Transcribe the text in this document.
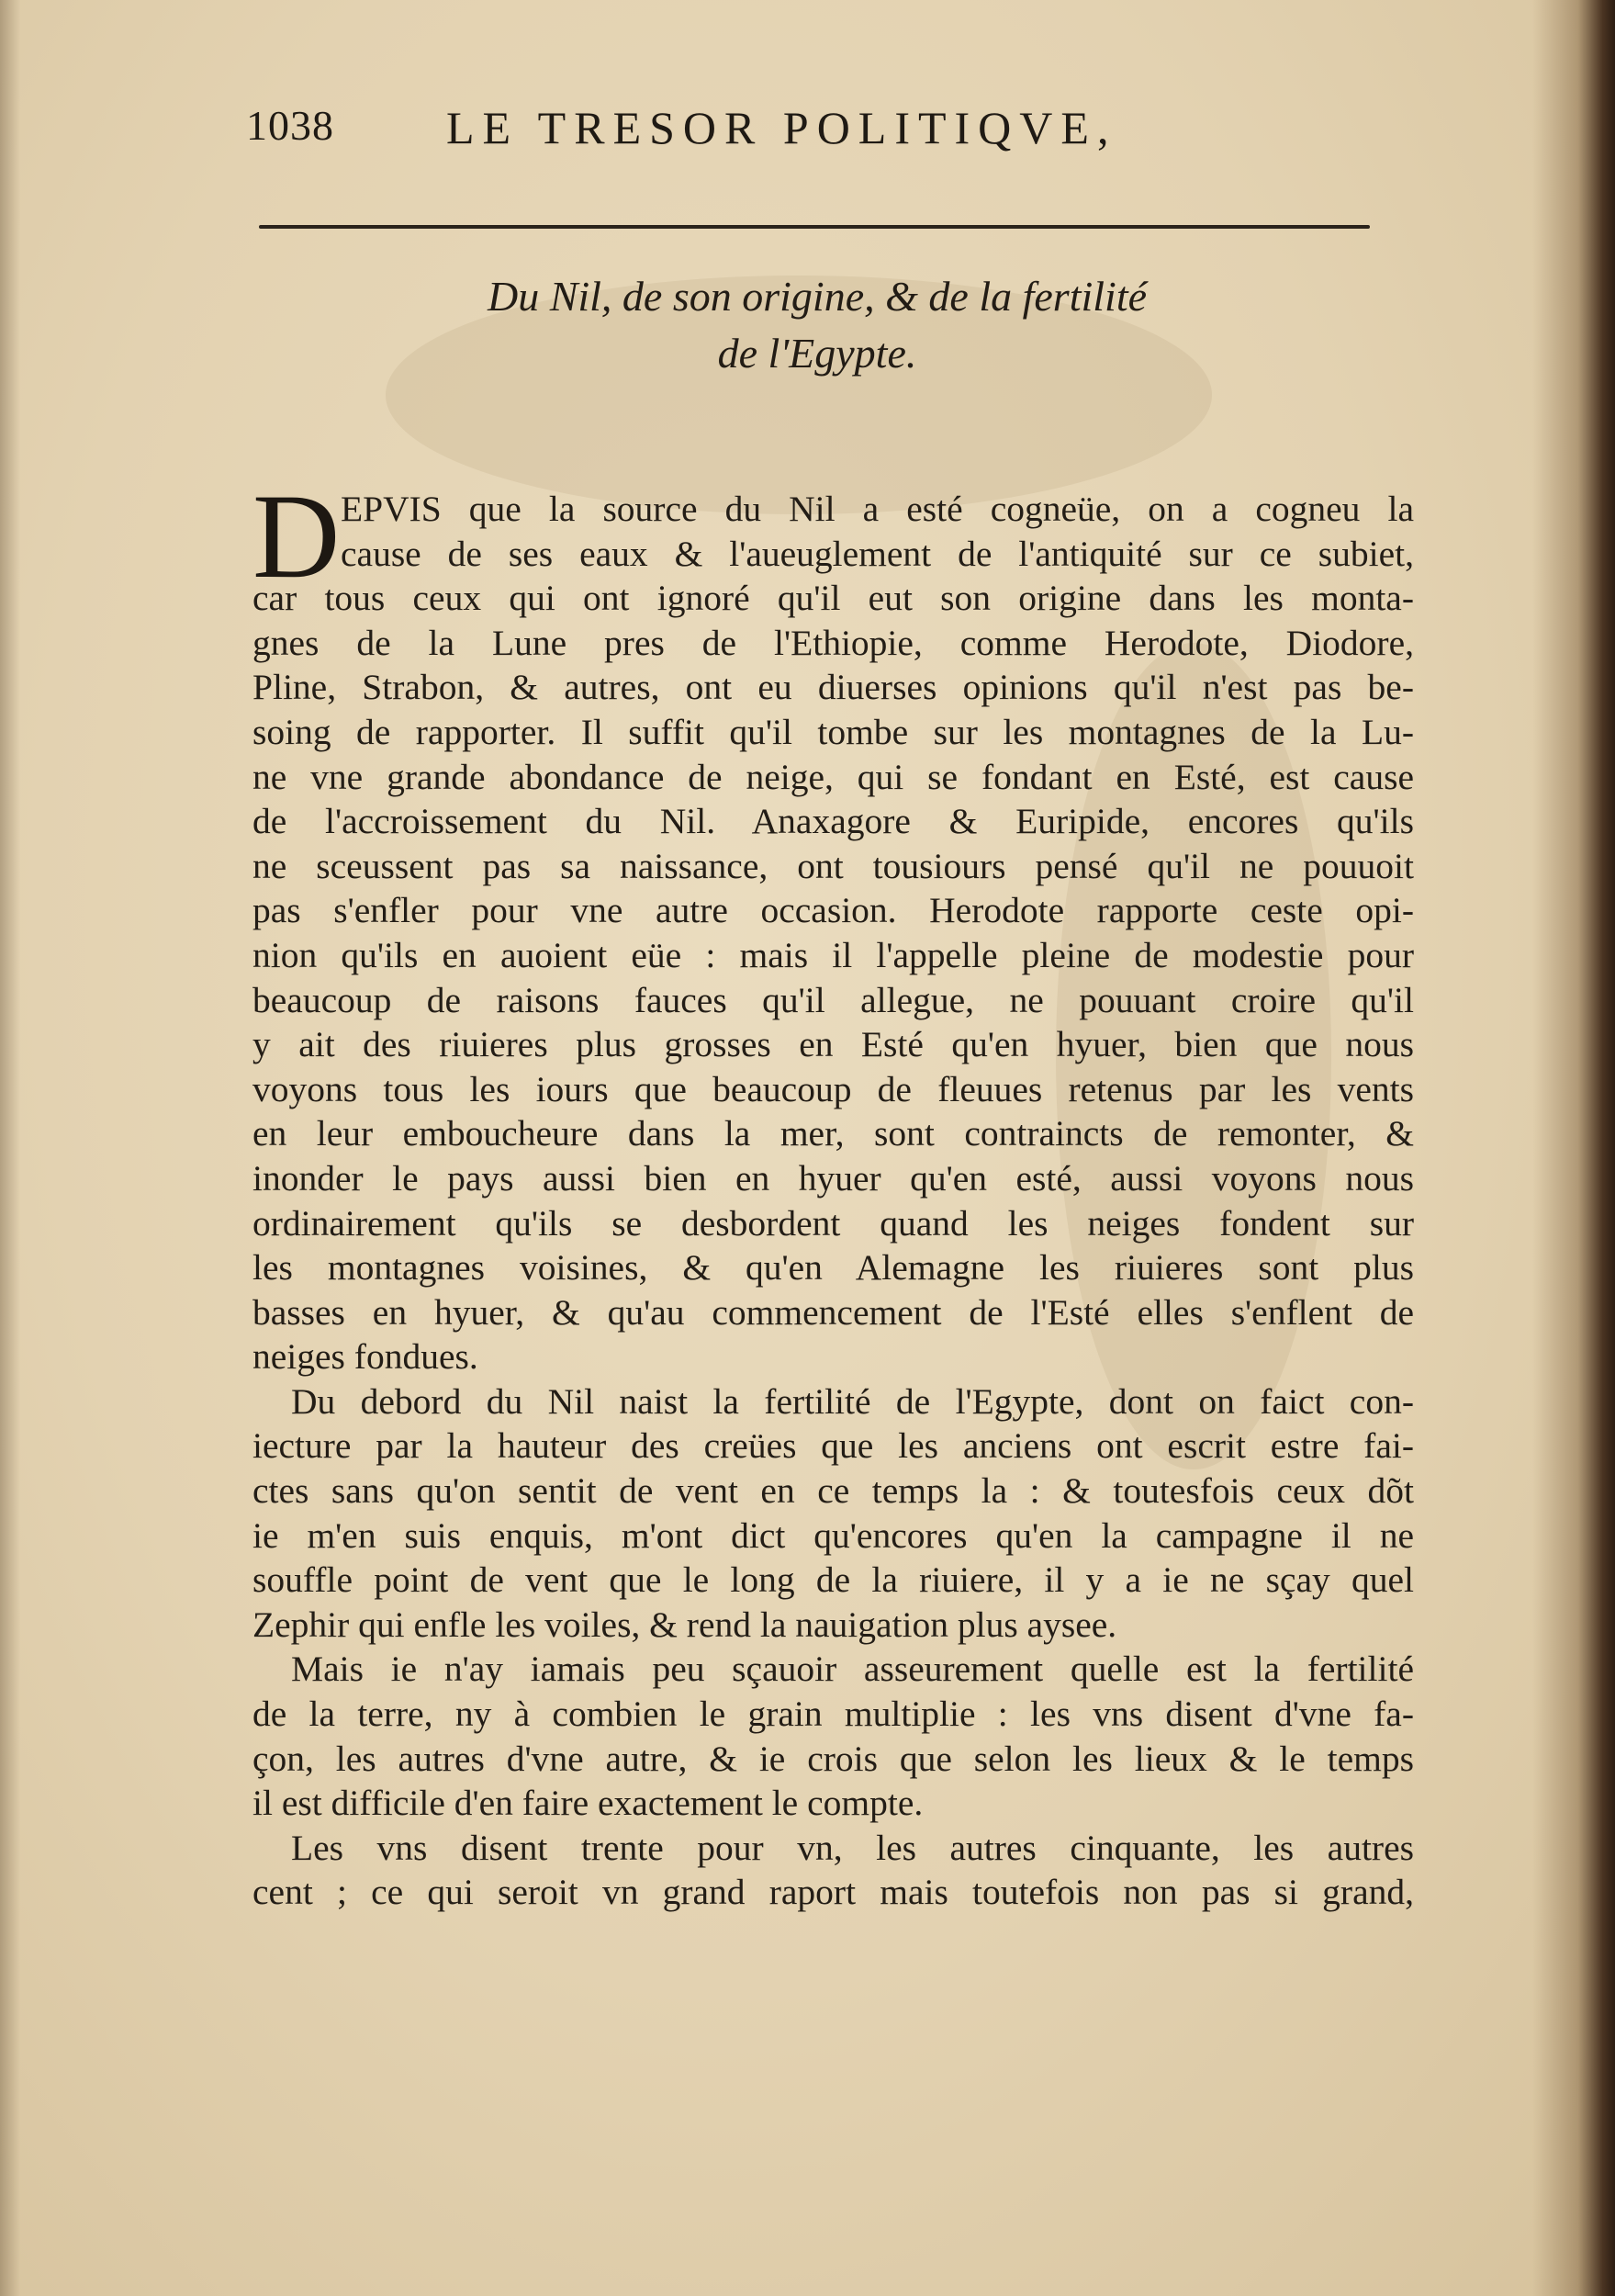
1038 LE TRESOR POLITIQVE,
Du Nil, de son origine, & de la fertilité
de l'Egypte.
D EPVIS que la source du Nil a esté cogneüe, on a cogneu la
cause de ses eaux & l'aueuglement de l'antiquité sur ce subiet,
car tous ceux qui ont ignoré qu'il eut son origine dans les monta-
gnes de la Lune pres de l'Ethiopie, comme Herodote, Diodore,
Pline, Strabon, & autres, ont eu diuerses opinions qu'il n'est pas be-
soing de rapporter. Il suffit qu'il tombe sur les montagnes de la Lu-
ne vne grande abondance de neige, qui se fondant en Esté, est cause
de l'accroissement du Nil. Anaxagore & Euripide, encores qu'ils
ne sceussent pas sa naissance, ont tousiours pensé qu'il ne pouuoit
pas s'enfler pour vne autre occasion. Herodote rapporte ceste opi-
nion qu'ils en auoient eüe : mais il l'appelle pleine de modestie pour
beaucoup de raisons fauces qu'il allegue, ne pouuant croire qu'il
y ait des riuieres plus grosses en Esté qu'en hyuer, bien que nous
voyons tous les iours que beaucoup de fleuues retenus par les vents
en leur emboucheure dans la mer, sont contraincts de remonter, &
inonder le pays aussi bien en hyuer qu'en esté, aussi voyons nous
ordinairement qu'ils se desbordent quand les neiges fondent sur
les montagnes voisines, & qu'en Alemagne les riuieres sont plus
basses en hyuer, & qu'au commencement de l'Esté elles s'enflent de
neiges fondues.
Du debord du Nil naist la fertilité de l'Egypte, dont on faict con-
iecture par la hauteur des creües que les anciens ont escrit estre fai-
ctes sans qu'on sentit de vent en ce temps la : & toutesfois ceux dõt
ie m'en suis enquis, m'ont dict qu'encores qu'en la campagne il ne
souffle point de vent que le long de la riuiere, il y a ie ne sçay quel
Zephir qui enfle les voiles, & rend la nauigation plus aysee.
Mais ie n'ay iamais peu sçauoir asseurement quelle est la fertilité
de la terre, ny à combien le grain multiplie : les vns disent d'vne fa-
çon, les autres d'vne autre, & ie crois que selon les lieux & le temps
il est difficile d'en faire exactement le compte.
Les vns disent trente pour vn, les autres cinquante, les autres
cent ; ce qui seroit vn grand raport mais toutefois non pas si grand,
